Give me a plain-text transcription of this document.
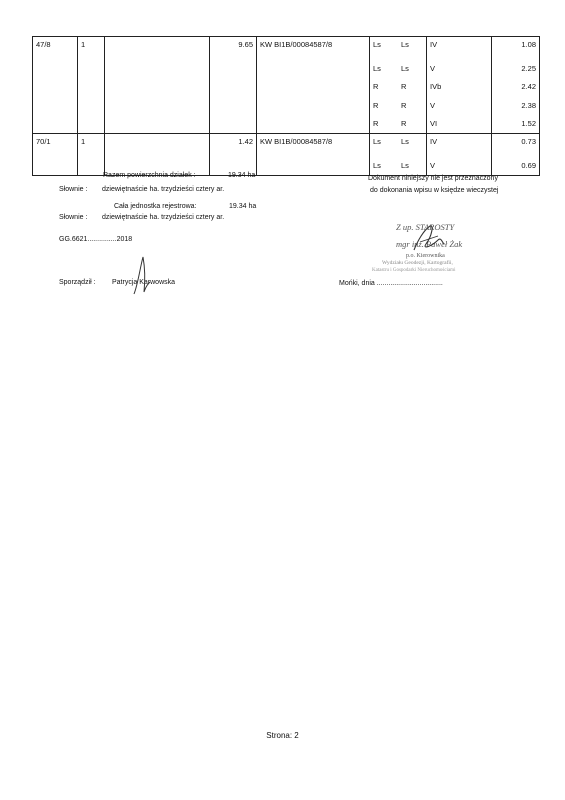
47/8	1		9.65	KW BI1B/00084587/8	Ls	Ls	IV	1.08
					Ls	Ls	V	2.25
					R	R	IVb	2.42
					R	R	V	2.38
					R	R	VI	1.52
70/1	1		1.42	KW BI1B/00084587/8	Ls	Ls	IV	0.73
					Ls	Ls	V	0.69
Razem powierzchnia działek :	19.34 ha
Słownie : dziewiętnaście ha. trzydzieści cztery ar.
Cała jednostka rejestrowa:	19.34 ha
Słownie : dziewiętnaście ha. trzydzieści cztery ar.
Dokument niniejszy nie jest przeznaczony
do dokonania wpisu w księdze wieczystej
GG.6621...............2018
Z up. STAROSTY
mgr inż. Paweł Żak
p.o. Kierownika
Wydziału Geodezji, Kartografii,
Katastru i Gospodarki Nieruchomościami
Sporządził : Patrycja Karwowska	Mońki, dnia ..................................
Strona: 2
